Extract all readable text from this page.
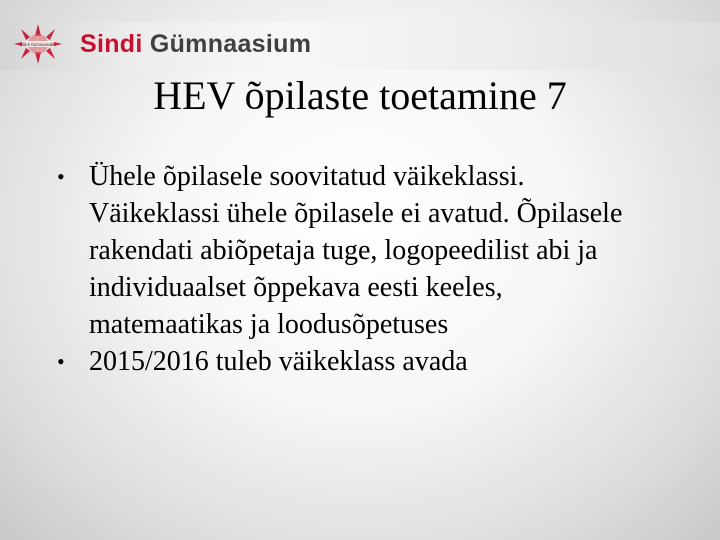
Sindi Gümnaasium Sindi Gümnaasium
HEV õpilaste toetamine 7
• Ühele õpilasele soovitatud väikeklassi. Väikeklassi ühele õpilasele ei avatud. Õpilasele rakendati abiõpetaja tuge, logopeedilist abi ja individuaalset õppekava eesti keeles, matemaatikas ja loodusõpetuses
• 2015/2016 tuleb väikeklass avada
